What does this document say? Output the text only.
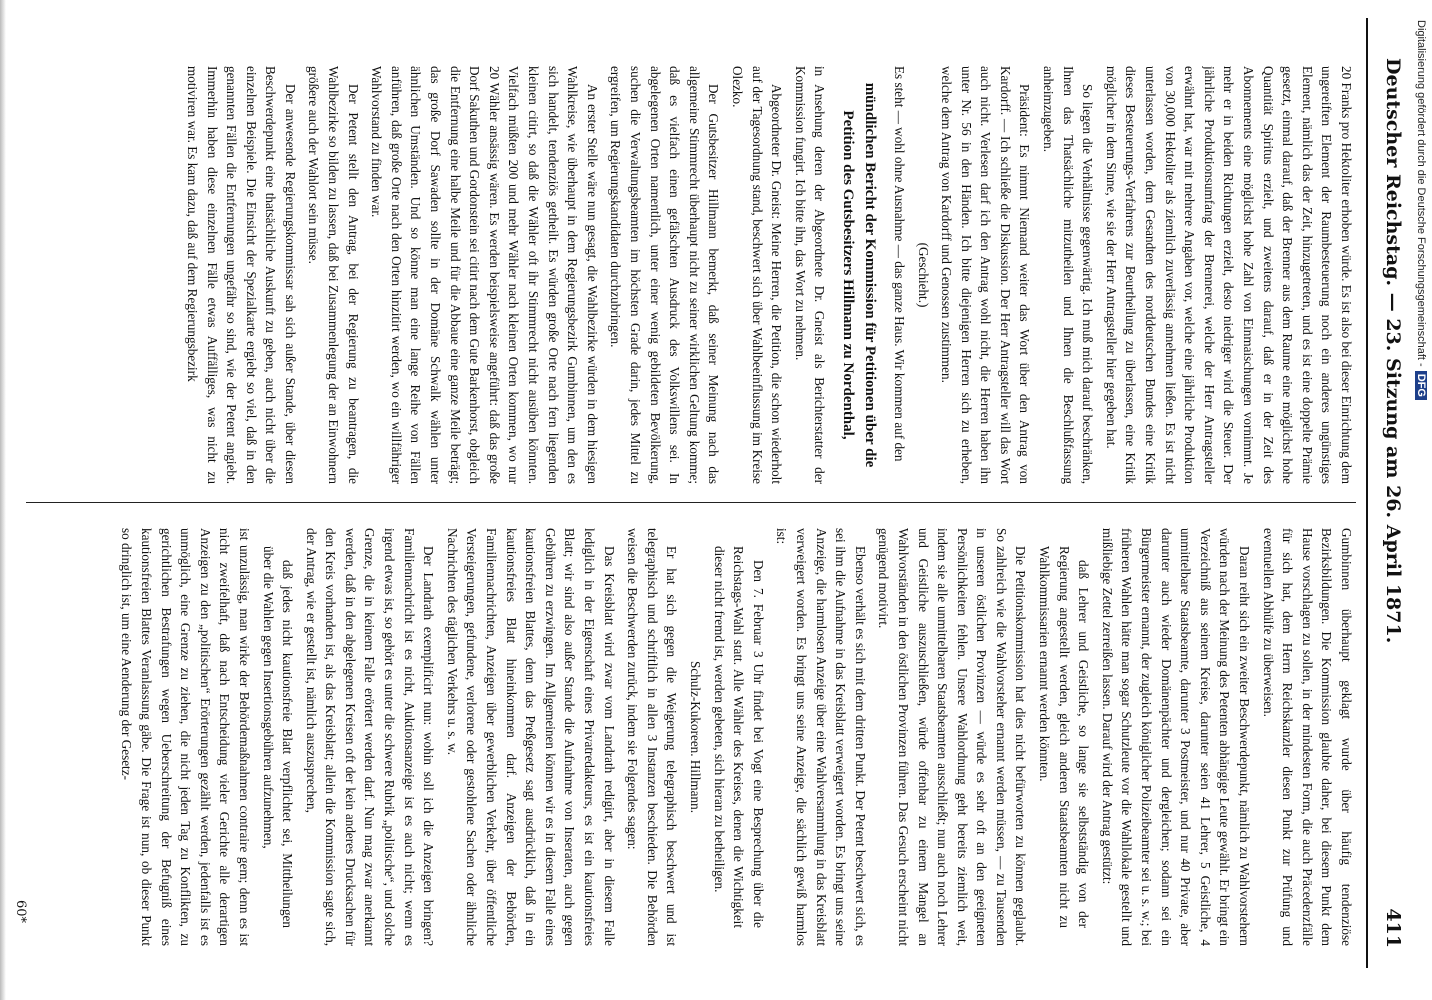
Deutscher Reichstag. — 23. Sitzung am 26. April 1871.
411

20 Franks pro Hektoliter erhoben würde. Es ist also bei dieser Einrichtung dem ungereiften Element der Raumbesteuerung noch ein anderes ungünstiges Element, nämlich das der Zeit, hinzugetreten, und es ist eine doppelte Prämie gesetzt, einmal darauf, daß der Brenner aus dem Raume eine möglichst hohe Quantität Spiritus erzielt, und zweitens darauf, daß er in der Zeit des Abonnements eine möglichst hohe Zahl von Einmaischungen vornimmt. Je mehr er in beiden Richtungen erzielt, desto niedriger wird die Steuer. Der jährliche Produktionsumfang der Brennerei, welche der Herr Antragsteller erwähnt hat, war mit mehrere Angaben vor, welche eine jährliche Produktion von 30,000 Hektoliter als ziemlich zuverlässig annehmen ließen. Es ist nicht unterlassen worden, dem Gesandten des norddeutschen Bundes eine Kritik dieses Besteuerungs-Verfahrens zur Beurtheilung zu überlassen, eine Kritik möglicher in dem Sinne, wie sie der Herr Antragsteller hier gegeben hat.

So liegen die Verhältnisse gegenwärtig. Ich muß mich darauf beschränken, Ihnen das Thatsächliche mitzutheilen und Ihnen die Beschlußfassung anheimzugeben.

Präsident: Es nimmt Niemand weiter das Wort über den Antrag von Kardorff. — Ich schließe die Diskussion. Der Herr Antragsteller will das Wort auch nicht. Verlesen darf ich den Antrag wohl nicht, die Herren haben ihn unter Nr. 56 in den Händen. Ich bitte diejenigen Herren sich zu erheben, welche dem Antrag von Kardorff und Genossen zustimmen.

(Geschieht.)

Es steht — wohl ohne Ausnahme — das ganze Haus. Wir kommen auf den

mündlichen Bericht der Kommission für Petitionen über die Petition des Gutsbesitzers Hillmann zu Nordenthal,

in Ansehung deren der Abgeordnete Dr. Gneist als Berichterstatter der Kommission fungirt. Ich bitte ihn, das Wort zu nehmen.

Abgeordneter Dr. Gneist: Meine Herren, die Petition, die schon wiederholt auf der Tagesordnung stand, beschwert sich über Wahlbeeinflussung im Kreise Olezko.

Der Gutsbesitzer Hillmann bemerkt, daß seiner Meinung nach das allgemeine Stimmrecht überhaupt nicht zu seiner wirklichen Geltung komme; daß es vielfach einen gefälschten Ausdruck des Volkswillens sei. In abgelegenen Orten namentlich, unter einer wenig gebildeten Bevölkerung, suchen die Verwaltungsbeamten im höchsten Grade darin, jedes Mittel zu ergreifen, um Regierungskandidaten durchzubringen.

An erster Stelle wäre nun gesagt, die Wahlbezirke würden in dem hiesigen Wahlkreise, wie überhaupt in dem Regierungsbezirk Gumbinnen, um den es sich handelt, tendenziös getheilt. Es würden große Orte nach fern liegenden kleinen citirt, so daß die Wähler oft ihr Stimmrecht nicht ausüben könnten. Vielfach müßten 200 und mehr Wähler nach kleinen Orten kommen, wo nur 20 Wähler ansässig wären. Es werden beispielsweise angeführt: daß das große Dorf Sakuthen und Gordonstein sei citirt nach dem Gute Barkenhorst, obgleich die Entfernung eine halbe Meile und für die Abbaue eine ganze Meile beträgt; das große Dorf Sawaden sollte in der Domäne Schwalk wählen unter ähnlichen Umständen. Und so könne man eine lange Reihe von Fällen anführen, daß große Orte nach den Orten hinzitirt werden, wo ein willfähriger Wahlvorstand zu finden war.

Der Petent stellt den Antrag, bei der Regierung zu beantragen, die Wahlbezirke so bilden zu lassen, daß bei Zusammenlegung der an Einwohnern größere auch der Wahlort sein müsse.

Der anwesende Regierungskommissar sah sich außer Stande, über diesen Beschwerdepunkt eine thatsächliche Auskunft zu geben, auch nicht über die einzelnen Beispiele. Die Einsicht der Spezialkarte ergiebt so viel, daß in den genannten Fällen die Entfernungen ungefähr so sind, wie der Petent angiebt. Immerhin haben diese einzelnen Fälle etwas Auffälliges, was nicht zu motiviren war. Es kam dazu, daß auf dem Regierungsbezirk

Gumbinnen überhaupt geklagt wurde über häufig tendenziöse Bezirksbildungen. Die Kommission glaubte daher, bei diesem Punkt dem Hause vorschlagen zu sollen, in der mindesten Form, die auch Präcedenzfälle für sich hat, dem Herrn Reichskanzler diesen Punkt zur Prüfung und eventuellen Abhülfe zu überweisen.

Daran reiht sich ein zweiter Beschwerdepunkt, nämlich zu Wahlvorstehern würden nach der Meinung des Petenten abhängige Leute gewählt. Er bringt ein Verzeichniß aus seinem Kreise, darunter seien 41 Lehrer, 5 Geistliche, 4 unmittelbare Staatsbeamte, darunter 3 Postmeister, und nur 40 Private, aber darunter auch wieder Domänenpächter und dergleichen; sodann sei ein Bürgermeister ernannt, der zugleich königlicher Polizeibeamter sei u. s. w.; bei früheren Wahlen hätte man sogar Schutzleute vor die Wahllokale gestellt und mißliebige Zettel zerreißen lassen. Darauf wird der Antrag gestützt:

daß Lehrer und Geistliche, so lange sie selbstständig von der Regierung angestellt werden, gleich anderen Staatsbeamten nicht zu Wahlkommissarien ernannt werden könnten.

Die Petitionskommission hat dies nicht befürworten zu können geglaubt. So zahlreich wie die Wahlvorsteher ernannt werden müssen, — zu Tausenden in unseren östlichen Provinzen — würde es sehr oft an den geeigneten Persönlichkeiten fehlen. Unsere Wahlordnung geht bereits ziemlich weit, indem sie alle unmittelbaren Staatsbeamten ausschließt; nun auch noch Lehrer und Geistliche auszuschließen, würde offenbar zu einem Mangel an Wahlvorständen in den östlichen Provinzen führen. Das Gesuch erscheint nicht genügend motivirt.

Ebenso verhält es sich mit dem dritten Punkt. Der Petent beschwert sich, es sei ihm die Aufnahme in das Kreisblatt verweigert worden. Es bringt uns seine Anzeige, die harmlosen Anzeige über eine Wahlversammlung in das Kreisblatt verweigert worden. Es bringt uns seine Anzeige, die sächlich gewiß harmlos ist:

Den 7. Februar 3 Uhr findet bei Vogt eine Besprechung über die Reichstags-Wahl statt. Alle Wähler des Kreises, denen die Wichtigkeit dieser nicht fremd ist, werden gebeten, sich hieran zu betheiligen.

Schulz-Kukoreen. Hillmann.

Er hat sich gegen die Weigerung telegraphisch beschwert und ist telegraphisch und schriftlich in allen 3 Instanzen beschieden. Die Behörden weisen die Beschwerden zurück, indem sie Folgendes sagen:

Das Kreisblatt wird zwar vom Landrath redigirt, aber in diesem Falle lediglich in der Eigenschaft eines Privatredakteurs, es ist ein kautionsfreies Blatt; wir sind also außer Stande die Aufnahme von Inseraten, auch gegen Gebühren zu erzwingen. Im Allgemeinen können wir es in diesem Falle eines kautionsfreien Blattes, denn das Preßgesetz sagt ausdrücklich, daß in ein kautionsfreies Blatt hineinkommen darf. Anzeigen der Behörden, Familiennachrichten, Anzeigen über gewerblichen Verkehr, über öffentliche Versteigerungen, gefundene, verlorene oder gestohlene Sachen oder ähnliche Nachrichten des täglichen Verkehrs u. s. w.

Der Landrath exemplificirt nun: wohin soll ich die Anzeigen bringen? Familiennachricht ist es nicht, Auktionsanzeige ist es auch nicht; wenn es irgend etwas ist, so gehört es unter die schwere Rubrik „politische“, und solche Grenze, die in keinem Falle erörtert werden darf. Nun mag zwar anerkannt werden, daß in den abgelegenen Kreisen oft der kein anderes Drucksachen für den Kreis vorhanden ist, als das Kreisblatt; allein die Kommission sagte sich, der Antrag, wie er gestellt ist, nämlich auszusprechen,

daß jedes nicht kautionsfreie Blatt verpflichtet sei, Mittheilungen über die Wahlen gegen Insertionsgebühren aufzunehmen,

ist unzulässig, man wirke der Behördemaßnahmen contraire gem; denn es ist nicht zweifelhaft, daß nach Entscheidung vieler Gerichte alle derartigen Anzeigen zu den „politischen“ Erörterungen gezählt werden, jedenfalls ist es unmöglich, eine Grenze zu ziehen, die nicht jeden Tag zu Konflikten, zu gerichtlichen Bestrafungen wegen Ueberschreitung der Befugniß eines kautionsfreien Blattes Veranlassung gäbe. Die Frage ist nun, ob dieser Punkt so dringlich ist, um eine Aenderung der Gesetz-

60*
Digitalisierung gefördert durch die Deutsche Forschungsgemeinschaft -DFG
